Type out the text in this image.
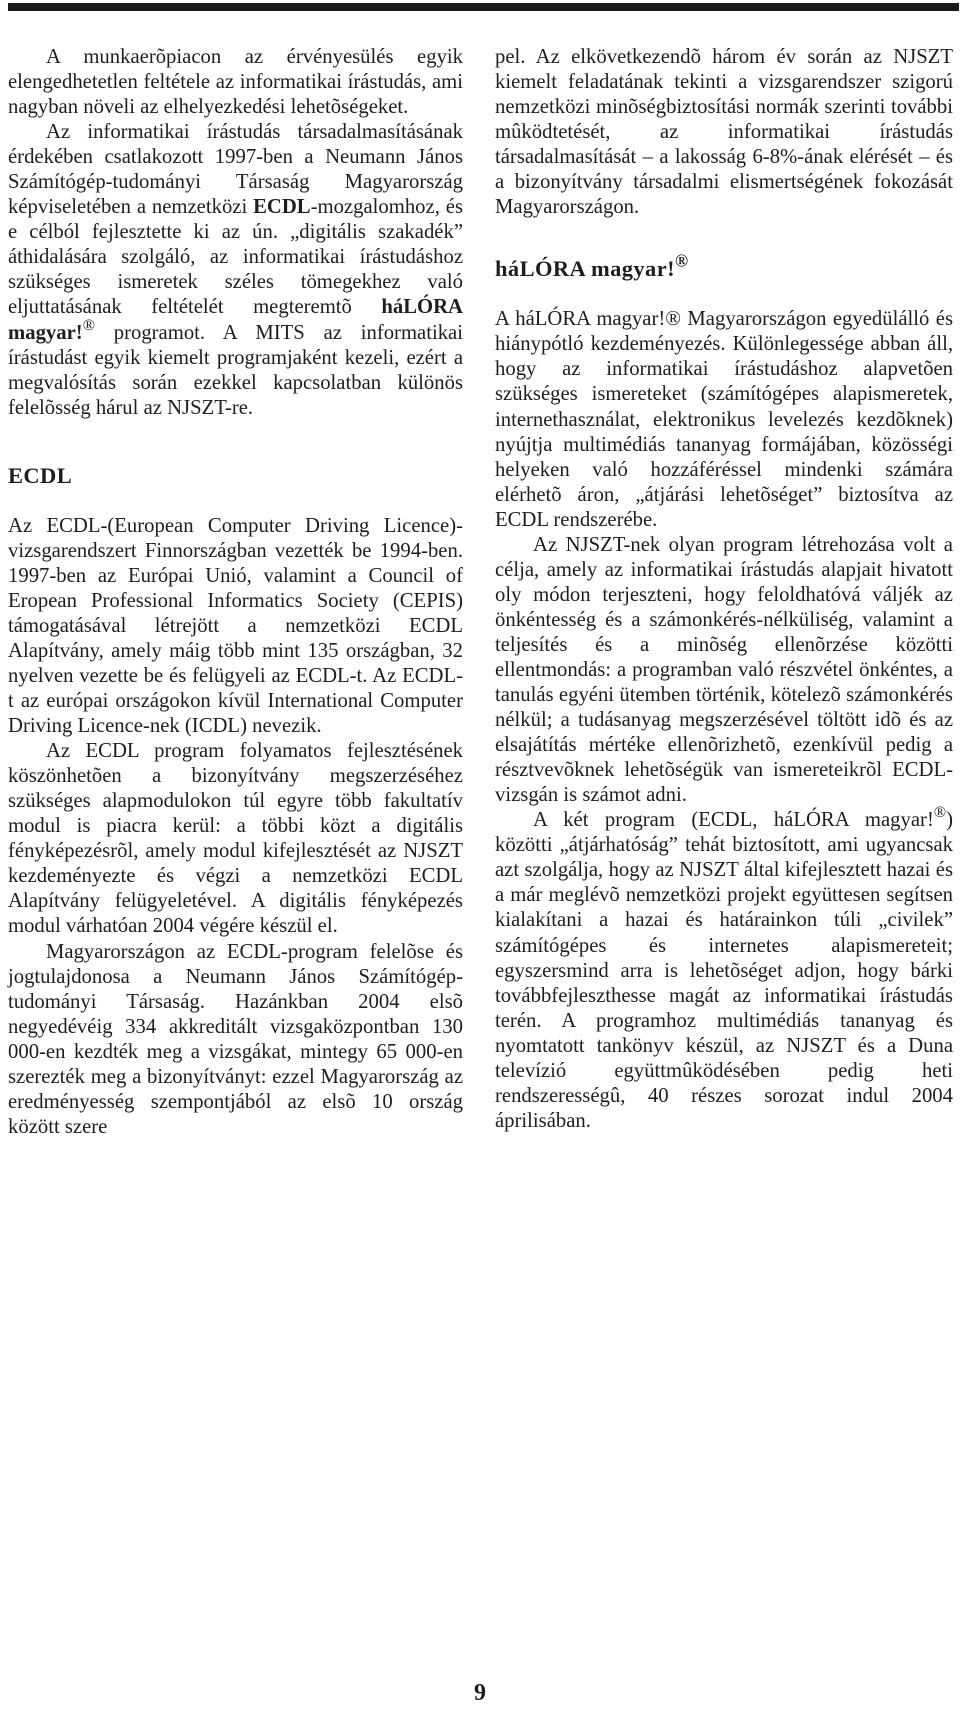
A munkaerõpiacon az érvényesülés egyik elengedhetetlen feltétele az informatikai írástudás, ami nagyban növeli az elhelyezkedési lehetõségeket.

Az informatikai írástudás társadalmasításának érdekében csatlakozott 1997-ben a Neumann János Számítógép-tudományi Társaság Magyarország képviseletében a nemzetközi ECDL-mozgalomhoz, és e célból fejlesztette ki az ún. „digitális szakadék” áthidalására szolgáló, az informatikai írástudáshoz szükséges ismeretek széles tömegekhez való eljuttatásának feltételét megteremtõ háLÓRA magyar!® programot. A MITS az informatikai írástudást egyik kiemelt programjaként kezeli, ezért a megvalósítás során ezekkel kapcsolatban különös felelõsség hárul az NJSZT-re.

ECDL

Az ECDL-(European Computer Driving Licence)-vizsgarendszert Finnországban vezették be 1994-ben. 1997-ben az Európai Unió, valamint a Council of Eropean Professional Informatics Society (CEPIS) támogatásával létrejött a nemzetközi ECDL Alapítvány, amely máig több mint 135 országban, 32 nyelven vezette be és felügyeli az ECDL-t. Az ECDL-t az európai országokon kívül International Computer Driving Licence-nek (ICDL) nevezik.

Az ECDL program folyamatos fejlesztésének köszönhetõen a bizonyítvány megszerzéséhez szükséges alapmodulokon túl egyre több fakultatív modul is piacra kerül: a többi közt a digitális fényképezésrõl, amely modul kifejlesztését az NJSZT kezdeményezte és végzi a nemzetközi ECDL Alapítvány felügyeletével. A digitális fényképezés modul várhatóan 2004 végére készül el.

Magyarországon az ECDL-program felelõse és jogtulajdonosa a Neumann János Számítógép-tudományi Társaság. Hazánkban 2004 elsõ negyedévéig 334 akkreditált vizsgaközpontban 130 000-en kezdték meg a vizsgákat, mintegy 65 000-en szerezték meg a bizonyítványt: ezzel Magyarország az eredményesség szempontjából az elsõ 10 ország között szere

pel. Az elkövetkezendõ három év során az NJSZT kiemelt feladatának tekinti a vizsgarendszer szigorú nemzetközi minõségbiztosítási normák szerinti további mûködtetését, az informatikai írástudás társadalmasítását – a lakosság 6-8%-ának elérését – és a bizonyítvány társadalmi elismertségének fokozását Magyarországon.

háLÓRA magyar!®

A háLÓRA magyar!® Magyarországon egyedülálló és hiánypótló kezdeményezés. Különlegessége abban áll, hogy az informatikai írástudáshoz alapvetõen szükséges ismereteket (számítógépes alapismeretek, internethasználat, elektronikus levelezés kezdõknek) nyújtja multimédiás tananyag formájában, közösségi helyeken való hozzáféréssel mindenki számára elérhetõ áron, „átjárási lehetõséget” biztosítva az ECDL rendszerébe.

Az NJSZT-nek olyan program létrehozása volt a célja, amely az informatikai írástudás alapjait hivatott oly módon terjeszteni, hogy feloldhatóvá váljék az önkéntesség és a számonkérés-nélküliség, valamint a teljesítés és a minõség ellenõrzése közötti ellentmondás: a programban való részvétel önkéntes, a tanulás egyéni ütemben történik, kötelezõ számonkérés nélkül; a tudásanyag megszerzésével töltött idõ és az elsajátítás mértéke ellenõrizhetõ, ezenkívül pedig a résztvevõknek lehetõségük van ismereteikrõl ECDL-vizsgán is számot adni.

A két program (ECDL, háLÓRA magyar!®) közötti „átjárhatóság” tehát biztosított, ami ugyancsak azt szolgálja, hogy az NJSZT által kifejlesztett hazai és a már meglévõ nemzetközi projekt együttesen segítsen kialakítani a hazai és határainkon túli „civilek” számítógépes és internetes alapismereteit; egyszersmind arra is lehetõséget adjon, hogy bárki továbbfejleszthesse magát az informatikai írástudás terén. A programhoz multimédiás tananyag és nyomtatott tankönyv készül, az NJSZT és a Duna televízió együttmûködésében pedig heti rendszerességû, 40 részes sorozat indul 2004 áprilisában.

9
